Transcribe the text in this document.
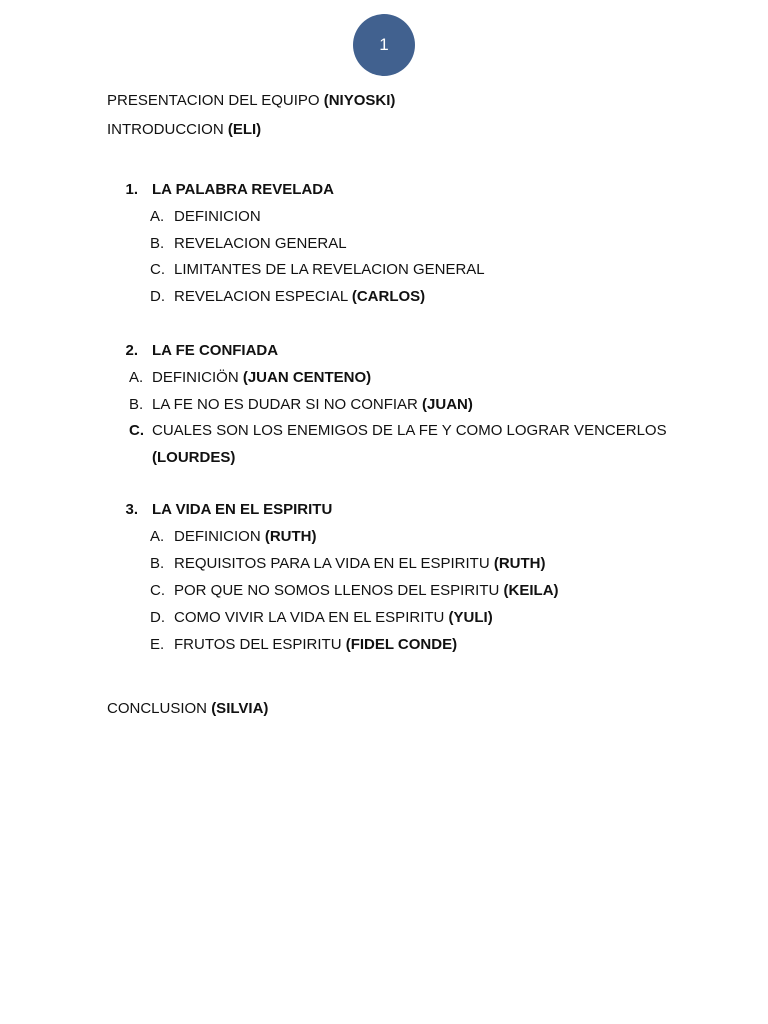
1
PRESENTACION DEL EQUIPO (NIYOSKI)
INTRODUCCION (ELI)
1. LA PALABRA REVELADA
A. DEFINICION
B. REVELACION GENERAL
C. LIMITANTES DE LA REVELACION GENERAL
D. REVELACION ESPECIAL (CARLOS)
2. LA FE CONFIADA
A. DEFINICIÖN (JUAN CENTENO)
B. LA FE NO ES DUDAR SI NO CONFIAR (JUAN)
C. CUALES SON LOS ENEMIGOS DE LA FE Y COMO LOGRAR VENCERLOS
(LOURDES)
3. LA VIDA EN EL ESPIRITU
A. DEFINICION (RUTH)
B. REQUISITOS PARA LA VIDA EN EL ESPIRITU (RUTH)
C. POR QUE NO SOMOS LLENOS DEL ESPIRITU (KEILA)
D. COMO VIVIR LA VIDA EN EL ESPIRITU (YULI)
E. FRUTOS DEL ESPIRITU (FIDEL CONDE)
CONCLUSION (SILVIA)
